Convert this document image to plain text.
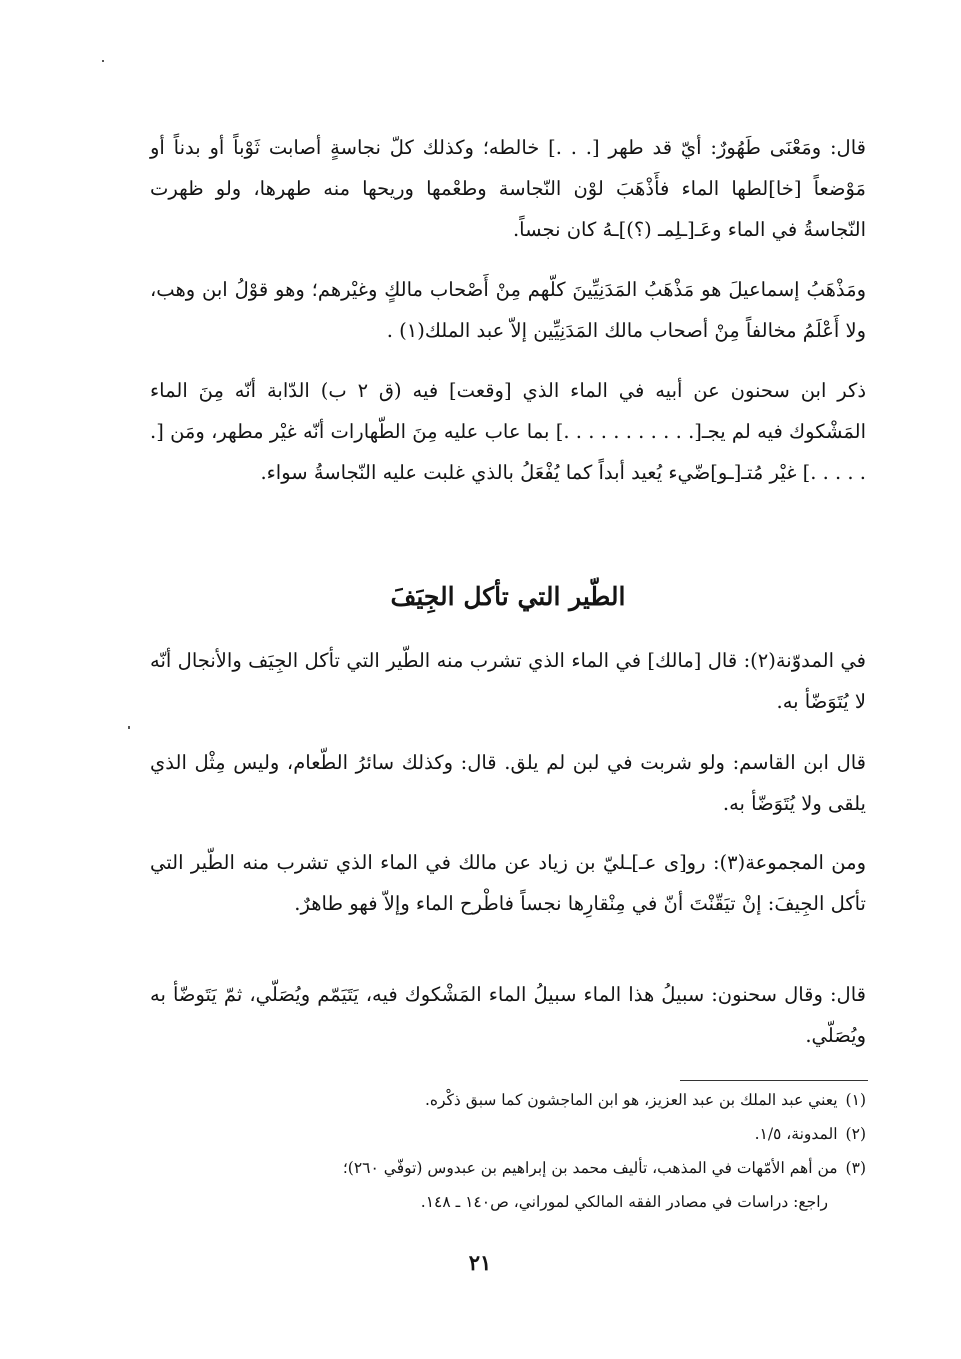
قال: ومَعْنَى طَهُورٌ: أيّ قد طهر [. . .] خالطه؛ وكذلك كلّ نجاسةٍ أصابت ثَوْباً أو بدناً أو مَوْضعاً [خا]لطها الماء فأَذْهَبَ لوْن النّجاسة وطعْمها وريحها منه طهرها، ولو ظهرت النّجاسةُ في الماء وعَـ[ـلِمـ (؟)]ـهُ كان نجساً.

ومَذْهَبُ إسماعيلَ هو مَذْهَبُ المَدَنِيِّينَ كلّهم مِنْ أَصْحاب مالكٍ وغيْرهم؛ وهو قوْلُ ابن وهب، ولا أَعْلَمُ مخالفاً مِنْ أصحاب مالك المَدَنِيِّين إلاّ عبد الملك(١) .

ذكر ابن سحنون عن أبيه في الماء الذي [وقعت] فيه (ق ٢ ب) الدّابة أنّه مِنَ الماء المَشْكوك فيه لم يجـ[. . . . . . . . . . .] بما عاب عليه مِنَ الطّهارات أنّه غيْر مطهر، ومَن [. . . . . .] غيْر مُتـ[ـو]ضّيء يُعيد أبداً كما يُفْعَلُ بالذي غلبت عليه النّجاسةُ سواء.

الطّير التي تأكل الجِيَفَ

في المدوّنة(٢): قال [مالك] في الماء الذي تشرب منه الطّير التي تأكل الجِيَف والأنجال أنّه لا يُتَوَضّأ به.

قال ابن القاسم: ولو شربت في لبن لم يلق. قال: وكذلك سائرُ الطّعام، وليس مِثْل الذي يلقى ولا يُتَوَضّأ به.

ومن المجموعة(٣): رو[ى عـ]ـليّ بن زياد عن مالك في الماء الذي تشرب منه الطّير التي تأكل الجِيفَ: إنْ تيَقّنْتَ أنّ في مِنْقارِها نجساً فاطْرح الماء وإلاّ فهو طاهرٌ.

قال: وقال سحنون: سبيلُ هذا الماء سبيلُ الماء المَشْكوك فيه، يَتَيَمّم ويُصَلّي، ثمّ يَتَوضّأ به ويُصَلّي.

(١)يعني عبد الملك بن عبد العزيز، هو ابن الماجشون كما سبق ذكْره.

(٢)المدونة، ١/٥.

(٣)من أهم الأمّهات في المذهب، تأليف محمد بن إبراهيم بن عبدوس (توفّي ٢٦٠)؛

راجع: دراسات في مصادر الفقه المالكي لموراني، ص١٤٠ ـ ١٤٨.

٢١
